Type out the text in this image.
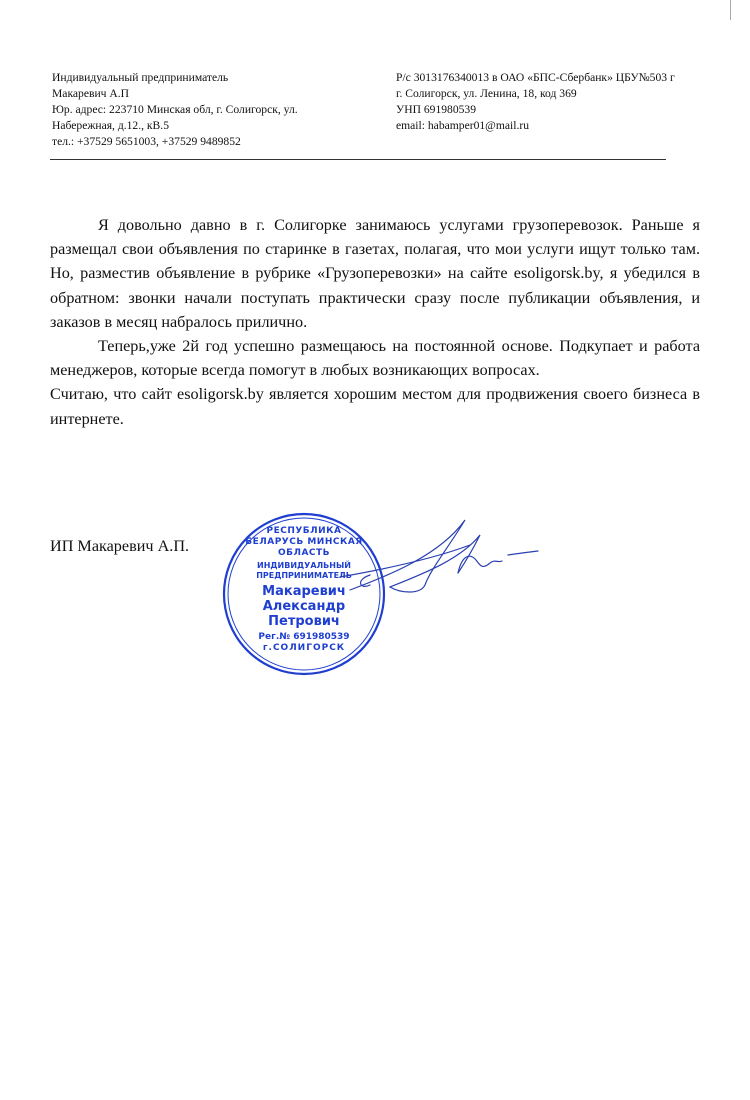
Индивидуальный предприниматель
Макаревич А.П
Юр. адрес: 223710 Минская обл, г. Солигорск, ул.
Набережная, д.12., кВ.5
тел.: +37529 5651003, +37529 9489852
Р/с 3013176340013 в ОАО «БПС-Сбербанк» ЦБУ№503 г
г. Солигорск, ул. Ленина, 18, код 369
УНП 691980539
email: habamper01@mail.ru

Я довольно давно в г. Солигорке занимаюсь услугами грузоперевозок. Раньше я размещал свои объявления по старинке в газетах, полагая, что мои услуги ищут только там. Но, разместив объявление в рубрике «Грузоперевозки» на сайте esoligorsk.by, я убедился в обратном: звонки начали поступать практически сразу после публикации объявления, и заказов в месяц набралось прилично.

Теперь,уже 2й год успешно размещаюсь на постоянной основе. Подкупает и работа менеджеров, которые всегда помогут в любых возникающих вопросах.

Считаю, что сайт esoligorsk.by является хорошим местом для продвижения своего бизнеса в интернете.

ИП Макаревич А.П.
РЕСПУБЛИКА БЕЛАРУСЬ МИНСКАЯ ОБЛАСТЬ
ИНДИВИДУАЛЬНЫЙ ПРЕДПРИНИМАТЕЛЬ
Макаревич
Александр
Петрович
Рег.№ 691980539
г.СОЛИГОРСК
